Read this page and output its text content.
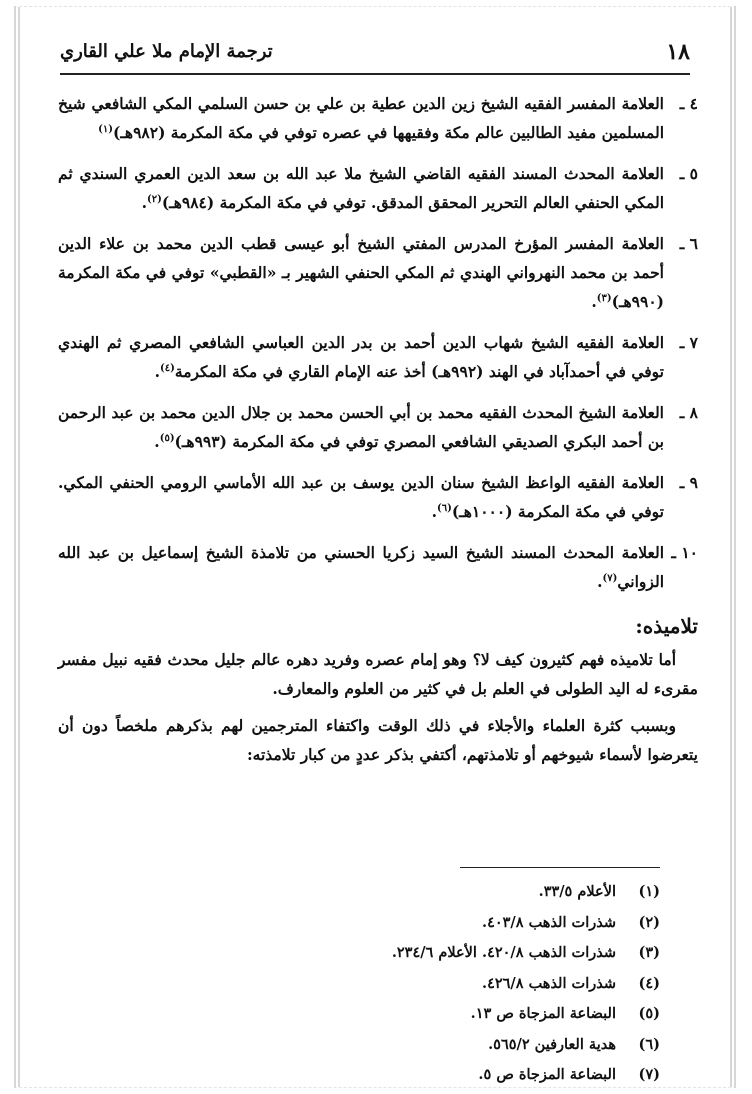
١٨
ترجمة الإمام ملا علي القاري
٤ ـ
العلامة المفسر الفقيه الشيخ زين الدين عطية بن علي بن حسن السلمي المكي الشافعي شيخ المسلمين مفيد الطالبين عالم مكة وفقيهها في عصره توفي في مكة المكرمة (٩٨٢هـ)$^{(١)}$
٥ ـ
العلامة المحدث المسند الفقيه القاضي الشيخ ملا عبد الله بن سعد الدين العمري السندي ثم المكي الحنفي العالم التحرير المحقق المدقق. توفي في مكة المكرمة (٩٨٤هـ)$^{(٢)}$.
٦ ـ
العلامة المفسر المؤرخ المدرس المفتي الشيخ أبو عيسى قطب الدين محمد بن علاء الدين أحمد بن محمد النهرواني الهندي ثم المكي الحنفي الشهير بـ «القطبي» توفي في مكة المكرمة (٩٩٠هـ)$^{(٣)}$.
٧ ـ
العلامة الفقيه الشيخ شهاب الدين أحمد بن بدر الدين العباسي الشافعي المصري ثم الهندي توفي في أحمدآباد في الهند (٩٩٢هـ) أخذ عنه الإمام القاري في مكة المكرمة$^{(٤)}$.
٨ ـ
العلامة الشيخ المحدث الفقيه محمد بن أبي الحسن محمد بن جلال الدين محمد بن عبد الرحمن بن أحمد البكري الصديقي الشافعي المصري توفي في مكة المكرمة (٩٩٣هـ)$^{(٥)}$.
٩ ـ
العلامة الفقيه الواعظ الشيخ سنان الدين يوسف بن عبد الله الأماسي الرومي الحنفي المكي. توفي في مكة المكرمة (١٠٠٠هـ)$^{(٦)}$.
١٠ ـ
العلامة المحدث المسند الشيخ السيد زكريا الحسني من تلامذة الشيخ إسماعيل بن عبد الله الزواني$^{(٧)}$.
تلاميذه:

أما تلاميذه فهم كثيرون كيف لا؟ وهو إمام عصره وفريد دهره عالم جليل محدث فقيه نبيل مفسر مقرىء له اليد الطولى في العلم بل في كثير من العلوم والمعارف.

وبسبب كثرة العلماء والأجلاء في ذلك الوقت واكتفاء المترجمين لهم بذكرهم ملخصاً دون أن يتعرضوا لأسماء شيوخهم أو تلامذتهم، أكتفي بذكر عددٍ من كبار تلامذته:

(١)
الأعلام ٣٣/٥.
(٢)
شذرات الذهب ٤٠٣/٨.
(٣)
شذرات الذهب ٤٢٠/٨. الأعلام ٢٣٤/٦.
(٤)
شذرات الذهب ٤٢٦/٨.
(٥)
البضاعة المزجاة ص ١٣.
(٦)
هدية العارفين ٥٦٥/٢.
(٧)
البضاعة المزجاة ص ٥.
